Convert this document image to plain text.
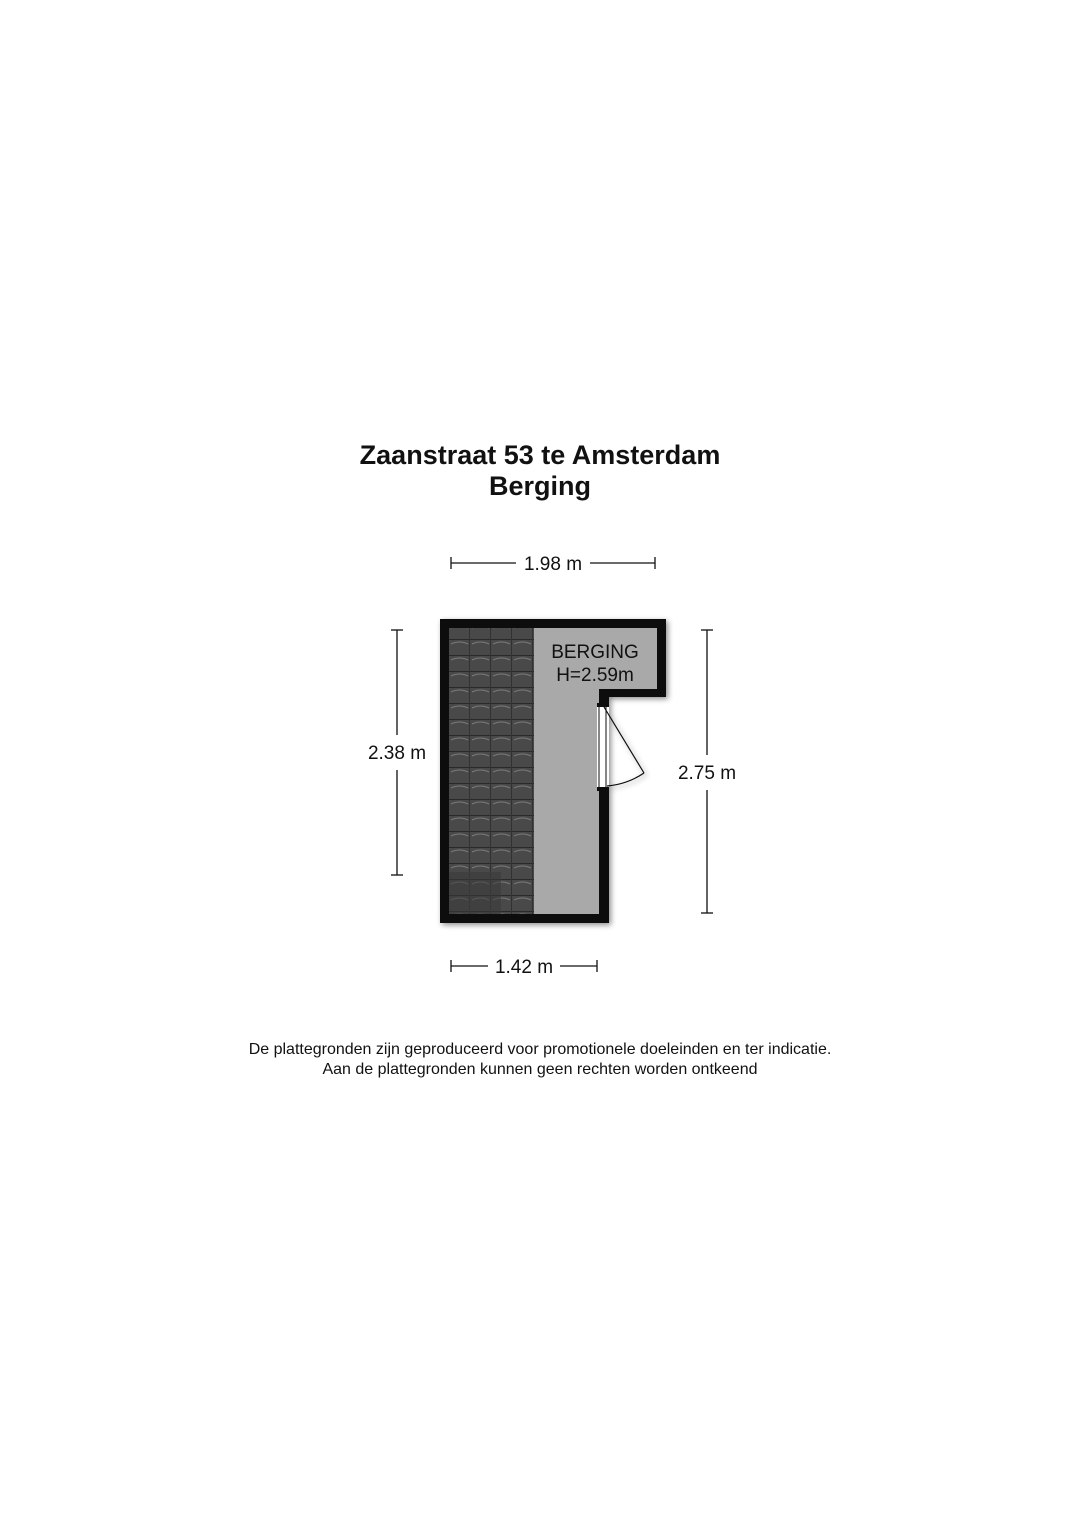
Zaanstraat 53 te Amsterdam
Berging
1.98 m
2.38 m
2.75 m
1.42 m
BERGING
H=2.59m
De plattegronden zijn geproduceerd voor promotionele doeleinden en ter indicatie.
Aan de plattegronden kunnen geen rechten worden ontkeend
